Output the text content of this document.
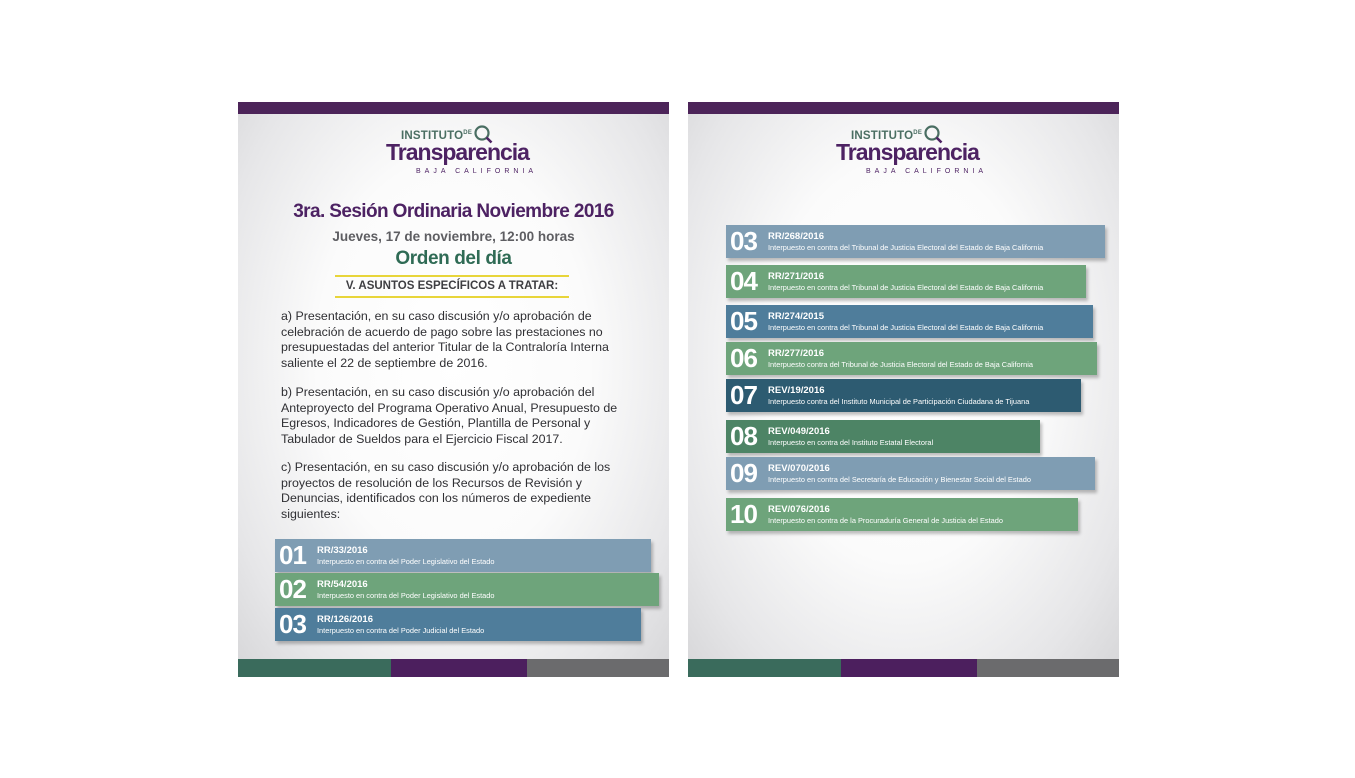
$INSTITUTO^{DE}$
Transparencia
BAJA CALIFORNIA
3ra. Sesión Ordinaria Noviembre 2016
Jueves, 17 de noviembre, 12:00 horas
Orden del día
V. ASUNTOS ESPECÍFICOS A TRATAR:
a) Presentación, en su caso discusión y/o aprobación de celebración de acuerdo de pago sobre las prestaciones no presupuestadas del anterior Titular de la Contraloría Interna saliente el 22 de septiembre de 2016.
b) Presentación, en su caso discusión y/o aprobación del Anteproyecto del Programa Operativo Anual, Presupuesto de Egresos, Indicadores de Gestión, Plantilla de Personal y Tabulador de Sueldos para el Ejercicio Fiscal 2017.
c) Presentación, en su caso discusión y/o aprobación de los proyectos de resolución de los Recursos de Revisión y Denuncias, identificados con los números de expediente siguientes:
01 RR/33/2016
Interpuesto en contra del Poder Legislativo del Estado
02 RR/54/2016
Interpuesto en contra del Poder Legislativo del Estado
03 RR/126/2016
Interpuesto en contra del Poder Judicial del Estado
$INSTITUTO^{DE}$
Transparencia
BAJA CALIFORNIA
03 RR/268/2016
Interpuesto en contra del Tribunal de Justicia Electoral del Estado de Baja California
04 RR/271/2016
Interpuesto en contra del Tribunal de Justicia Electoral del Estado de Baja California
05 RR/274/2015
Interpuesto en contra del Tribunal de Justicia Electoral del Estado de Baja California
06 RR/277/2016
Interpuesto contra del Tribunal de Justicia Electoral del Estado de Baja California
07 REV/19/2016
Interpuesto contra del Instituto Municipal de Participación Ciudadana de Tijuana
08 REV/049/2016
Interpuesto en contra del Instituto Estatal Electoral
09 REV/070/2016
Interpuesto en contra del Secretaría de Educación y Bienestar Social del Estado
10 REV/076/2016
Interpuesto en contra de la Procuraduría General de Justicia del Estado
